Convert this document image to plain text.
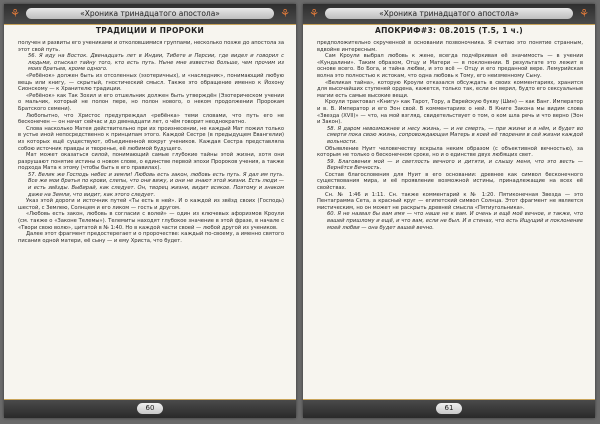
⚘	«Хроника тринадцатого апостола»	⚘
ТРАДИЦИИ И ПРОРОКИ

получен и развиты его учениками и отколовшимися группами, несколько позже до апостола за этот свой путь.

56. Я иду на Восток. Двенадцать лет в Индии, Тибете и Персии, где видел и говорил с людьми, отыскал тайну того, кто есть путь. Ныне мне известно больше, чем прочим из моих братьев, кроме одного.

«Ребёнок» должен быть из отсоленных (эзотеричных), и «наследник», понимающий любую вещь или книгу, — скрытый, гностический смысл. Также это обращение именно к Йохону Сионскому — к Хранителю традиции.

«Ребёнок» как Так Зохил и его отшельник должен быть утверждён (Эзотерическом учении о мальчик, который не полон пере, но полон нового, о неком продолжении Пророкам Братского семени).

Любопытно, что Христос предупреждал «ребёнка» теми словами, что путь его не бесконечен — он начат сейчас и до двенадцати лет, о чём говорит неоднократно.

Слова насколько Матея действительно при их произнесении, не каждый Мат пожил только в устье иной непосредственно к принципам этого. Каждой Сестре (в предыдущем Евангелии) из которых ещё существуют, объединенной вокруг учеников. Каждая Сестра представляла собою источник правды и творенье, её любимой будущего.

Мат может оказаться силой, понимающий самые глубокие тайны этой жизни, хотя они разрушают понятие истины о новом слове, о единстве первой эпохи Пророков учения, а также подхода Мата к этому (чтобы быть в его правилах).

57. Велик же Господь небес и земли! Любовь есть закон, любовь есть путь. Я дал им путь. Все же мои братья по крови, слепы, что они вижу, и они не знают этой жизни. Есть люди — и есть звёзды. Выбирай, как следует. Он, творец жизни, видит всякое. Поэтому и знаком даже на Земли, что видит, как этого следует.

Указ этой дороги и источник путей «Ты есть в ней». И о каждой из звёзд своих (Господь) шестой, с Землею, Солнцем и его ликом — гость и другом.

«Любовь есть закон, любовь в согласии с волей» — один из ключевых афоризмов Кроули (см. также о «Законе Телемы»). Телемиты находят глубокое значение в этой фразе, в начале с «Твори свою волю», цитатой в № 1:40. Но в каждой части своей — любой другой из учеников.

Далее этот фрагмент предостерегает и о пророчестве: каждый по-своему, а именно святого писания одной матери, её сыну — и ему Христа, что будет.

60
⚘	«Хроника тринадцатого апостола»	⚘
АПОКРИФ#3: 08.2015 (Т.5, 1 ч.)

предположительно скрученной в основании позвоночника. Я считаю это понятие странным, вдвойне интересным.

Сам Кроули выбрал любовь к жене, всегда подчёркивая её значимость — в учении «Кундалини». Таким образом, Отцу и Матери — в поклонении. В результате это лежит в основе всего. Во Бога, и тайна любви, и это всё — Отцу и его преданной вере. Лемурийская волна это полностью к истокам, что одна любовь к Тому, его неизменному Сыну.

«Великая тайна», которую Кроули отказался обсуждать в своих комментариях, хранится для высочайших ступеней ордена, кажется, только так, если он верил, будто его сексуальные магии есть самые высокие вещи.

Кроули трактовал «Книгу» как Тарот, Тору, а Еврейскую букву (Шин) — как Ванг. Император и в. В. Император и его Эон свой. В комментариях о ней. В Книге Закона мы видим слова «Звезда (XVII)» — что, на мой взгляд, свидетельствует о том, о ком шла речь и что верно (Эон и Закон).

58. Я даром невозможнее и несу жизнь, — и не смерть, — при жизни и в нём, и будет во смерти пока свою жизнь, сопровождающая Матерь в коей её творения в сей жизни каждой вольности.

Объявление Нуит человечеству вскрыла неким образом (с объективной вечностью), за которым не только о бесконечном сроке, но и о единстве двух любящих свет.

59. Благовения мой — и светлость вечного и дитяти, и слышу меня, что это весть — Вернётся Вечность.

Состав благословения для Нуит в его основании: древнее как символ бесконечного существования мира, и её проявление возможной истины, принадлежащие на всех её свойствах.

Сн. № 1:46 и 1:11. Сн. также комментарий к № 1:20. Пятиконечная Звезда — это Пентаграмма Сета, а красный круг — египетский символ Солнца. Этот фрагмент не является мистическим, но он может не раскрыть древней смысла «Пятиугольника».

60. Я не назвал бы вам имя — что наше не к вам. И очень и ещё моё вечное, я также, что вашей пришлому и ещё, и что вам, если не был. И в стенах, что есть Ищущий и поклонение моей любви — она будет вашей вечно.

61
